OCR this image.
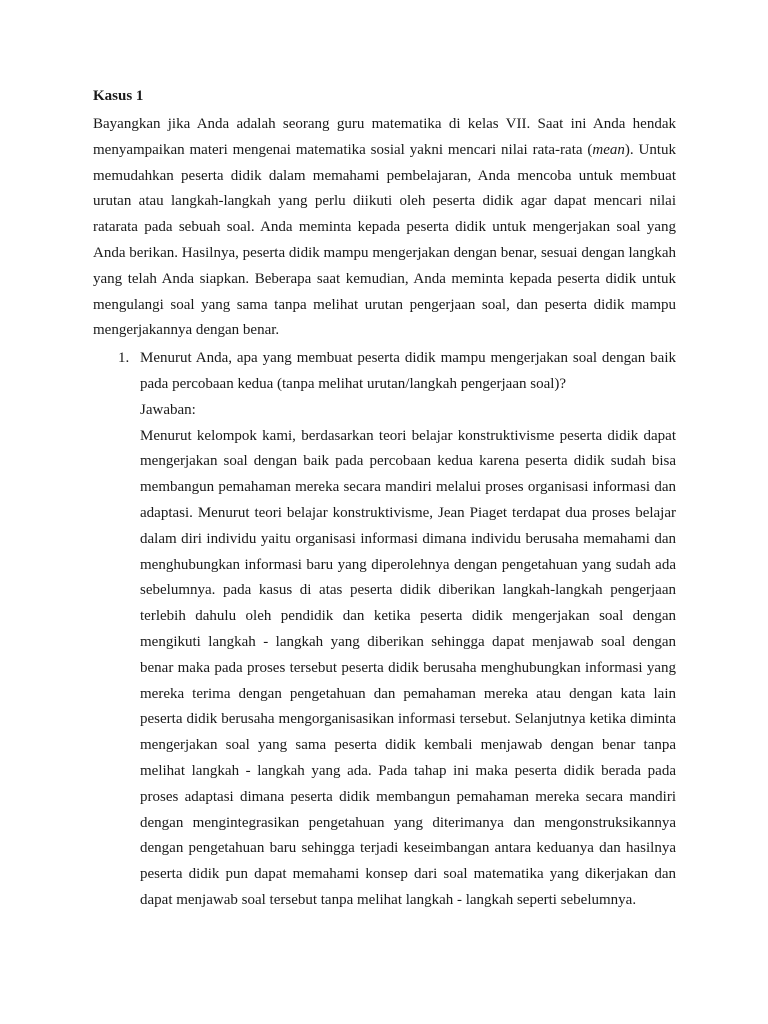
Kasus 1

Bayangkan jika Anda adalah seorang guru matematika di kelas VII. Saat ini Anda hendak menyampaikan materi mengenai matematika sosial yakni mencari nilai rata-rata (mean). Untuk memudahkan peserta didik dalam memahami pembelajaran, Anda mencoba untuk membuat urutan atau langkah-langkah yang perlu diikuti oleh peserta didik agar dapat mencari nilai ratarata pada sebuah soal. Anda meminta kepada peserta didik untuk mengerjakan soal yang Anda berikan. Hasilnya, peserta didik mampu mengerjakan dengan benar, sesuai dengan langkah yang telah Anda siapkan. Beberapa saat kemudian, Anda meminta kepada peserta didik untuk mengulangi soal yang sama tanpa melihat urutan pengerjaan soal, dan peserta didik mampu mengerjakannya dengan benar.

1. Menurut Anda, apa yang membuat peserta didik mampu mengerjakan soal dengan baik pada percobaan kedua (tanpa melihat urutan/langkah pengerjaan soal)?

Jawaban:

Menurut kelompok kami, berdasarkan teori belajar konstruktivisme peserta didik dapat mengerjakan soal dengan baik pada percobaan kedua karena peserta didik sudah bisa membangun pemahaman mereka secara mandiri melalui proses organisasi informasi dan adaptasi. Menurut teori belajar konstruktivisme, Jean Piaget terdapat dua proses belajar dalam diri individu yaitu organisasi informasi dimana individu berusaha memahami dan menghubungkan informasi baru yang diperolehnya dengan pengetahuan yang sudah ada sebelumnya. pada kasus di atas peserta didik diberikan langkah-langkah pengerjaan terlebih dahulu oleh pendidik dan ketika peserta didik mengerjakan soal dengan mengikuti langkah - langkah yang diberikan sehingga dapat menjawab soal dengan benar maka pada proses tersebut peserta didik berusaha menghubungkan informasi yang mereka terima dengan pengetahuan dan pemahaman mereka atau dengan kata lain peserta didik berusaha mengorganisasikan informasi tersebut. Selanjutnya ketika diminta mengerjakan soal yang sama peserta didik kembali menjawab dengan benar tanpa melihat langkah - langkah yang ada. Pada tahap ini maka peserta didik berada pada proses adaptasi dimana peserta didik membangun pemahaman mereka secara mandiri dengan mengintegrasikan pengetahuan yang diterimanya dan mengonstruksikannya dengan pengetahuan baru sehingga terjadi keseimbangan antara keduanya dan hasilnya peserta didik pun dapat memahami konsep dari soal matematika yang dikerjakan dan dapat menjawab soal tersebut tanpa melihat langkah - langkah seperti sebelumnya.
